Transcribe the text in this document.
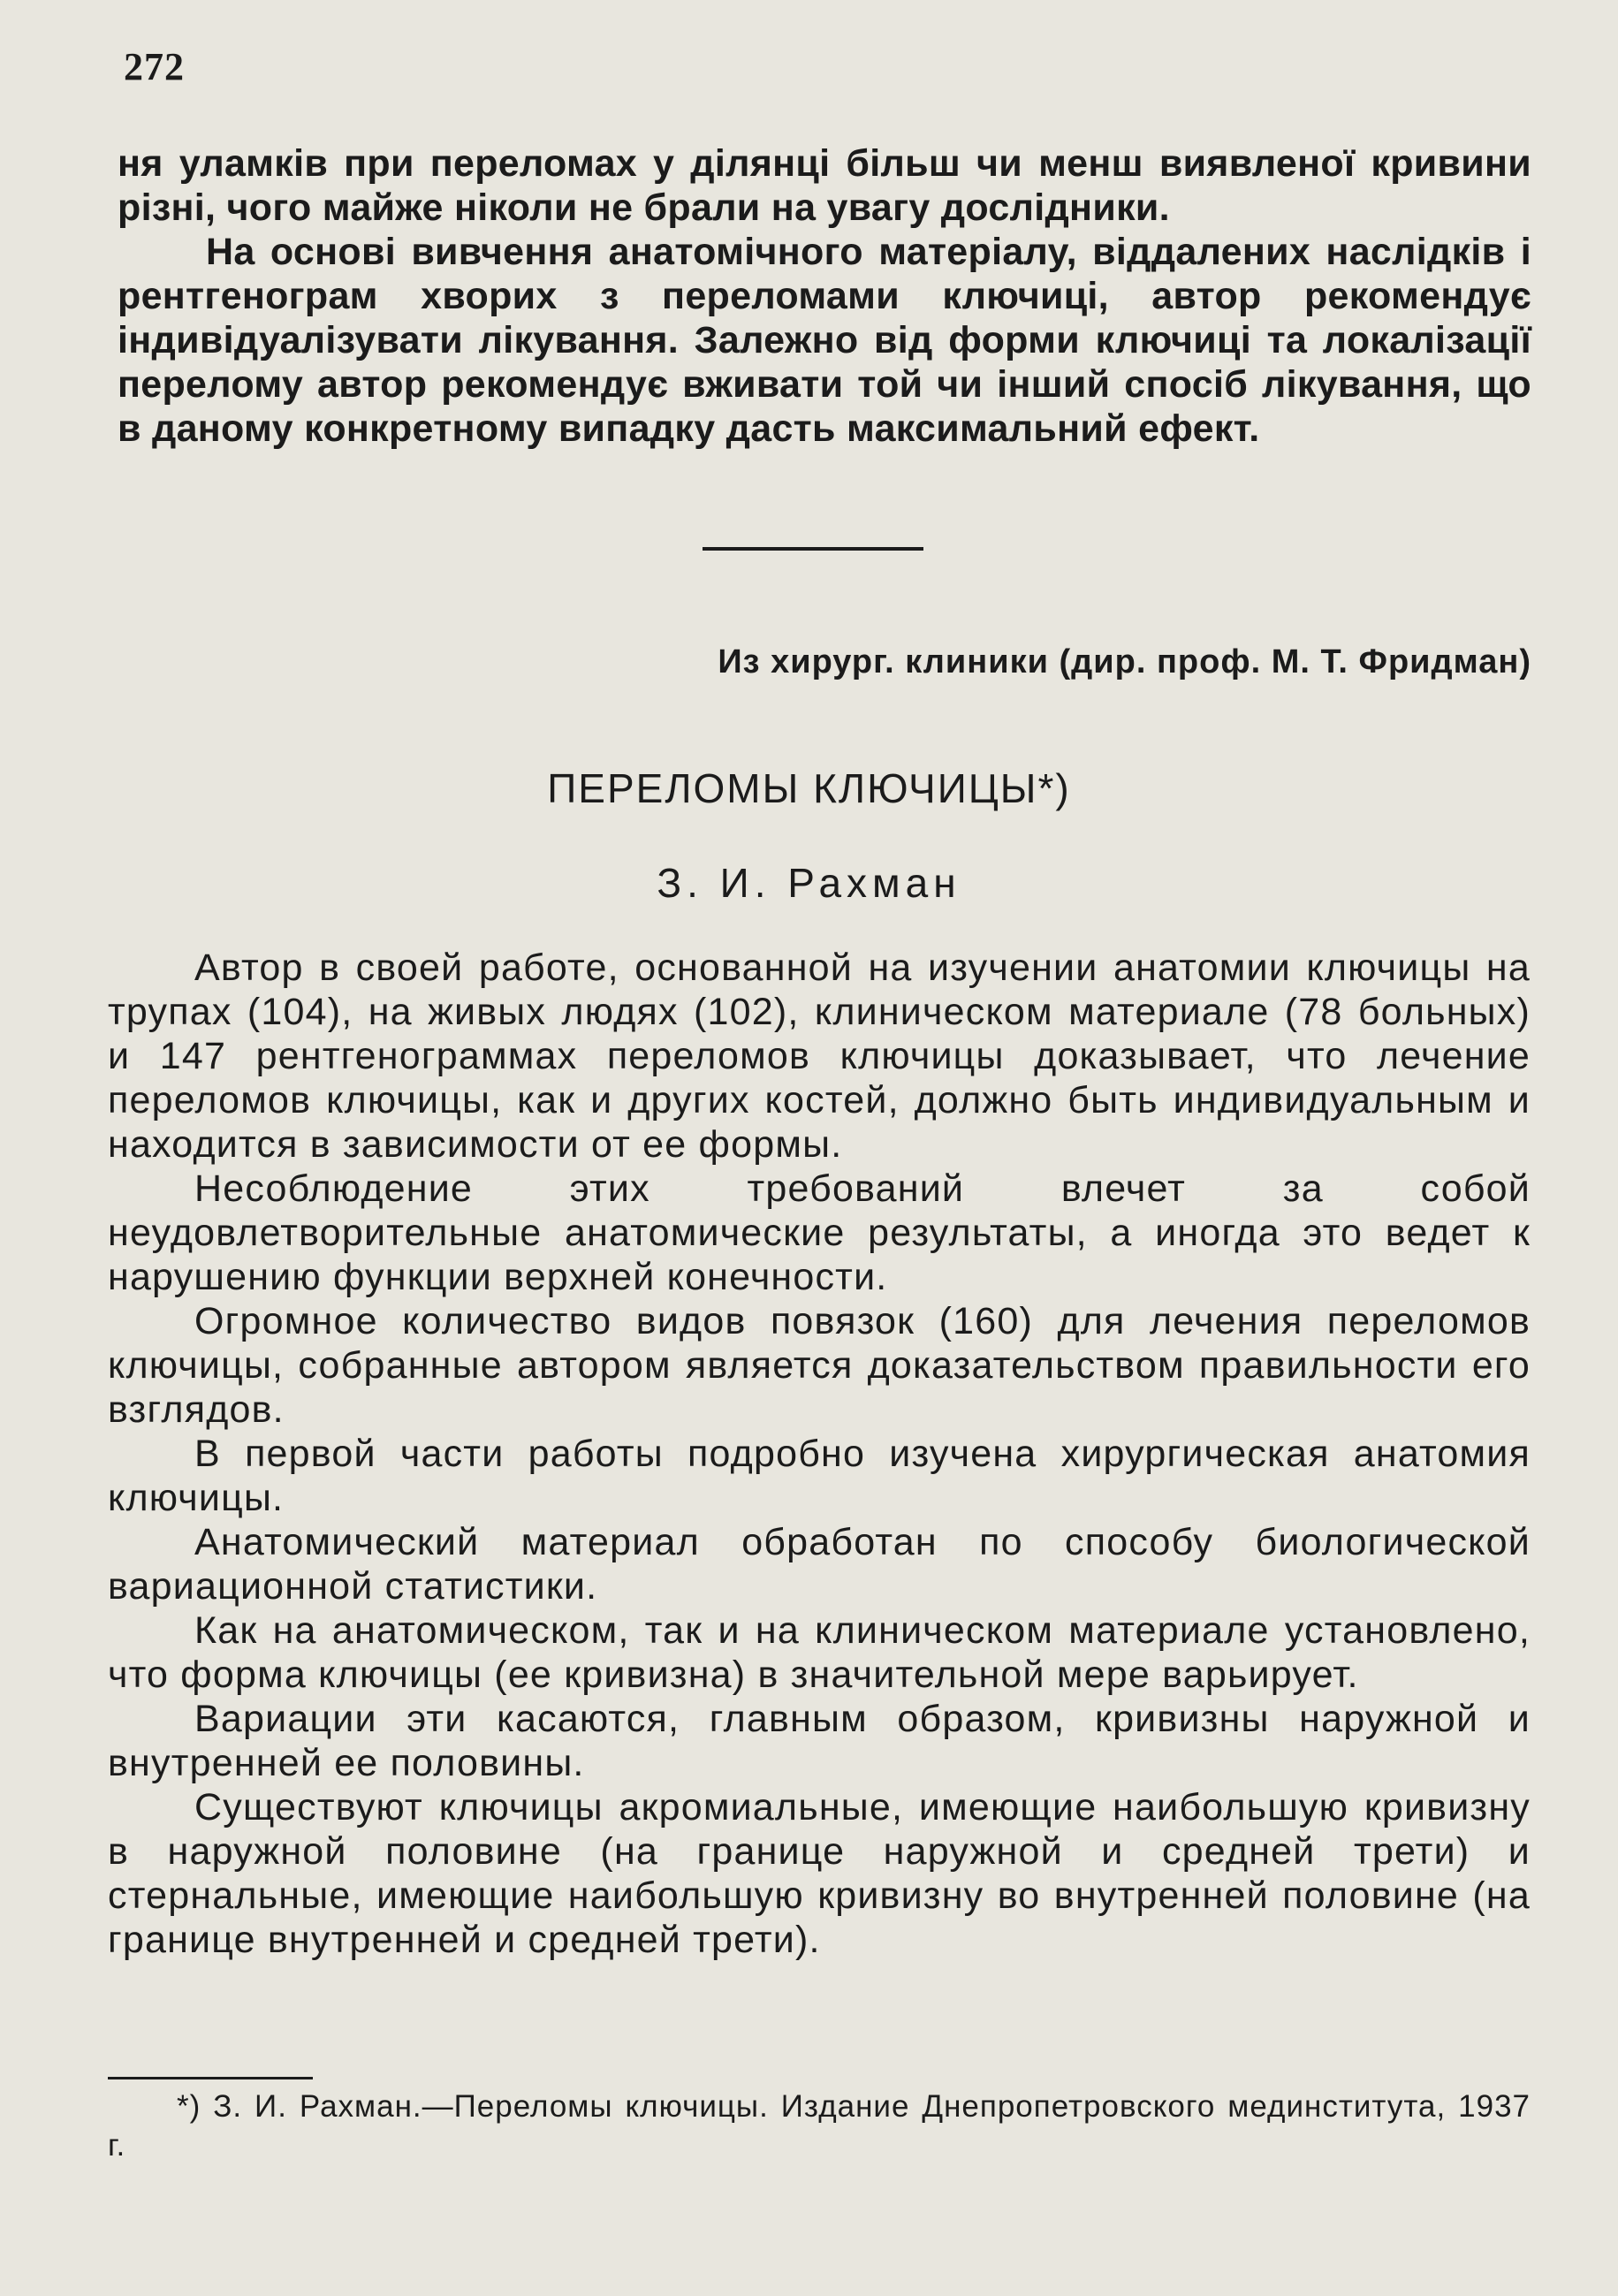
272

ня уламків при переломах у ділянці більш чи менш виявленої кривини різні, чого майже ніколи не брали на увагу дослідники.

На основі вивчення анатомічного матеріалу, віддалених наслідків і рентгенограм хворих з переломами ключиці, автор рекомендує індивідуалізувати лікування. Залежно від форми ключиці та локалізації перелому автор рекомендує вживати той чи інший спосіб лікування, що в даному конкретному випадку дасть максимальний ефект.

Из хирург. клиники (дир. проф. М. Т. Фридман)
ПЕРЕЛОМЫ КЛЮЧИЦЫ*)
З. И. Рахман

Автор в своей работе, основанной на изучении анатомии ключицы на трупах (104), на живых людях (102), клиническом материале (78 больных) и 147 рентгенограммах переломов ключицы доказывает, что лечение переломов ключицы, как и других костей, должно быть индивидуальным и находится в зависимости от ее формы.

Несоблюдение этих требований влечет за собой неудовлетворительные анатомические результаты, а иногда это ведет к нарушению функции верхней конечности.

Огромное количество видов повязок (160) для лечения переломов ключицы, собранные автором является доказательством правильности его взглядов.

В первой части работы подробно изучена хирургическая анатомия ключицы.

Анатомический материал обработан по способу биологической вариационной статистики.

Как на анатомическом, так и на клиническом материале установлено, что форма ключицы (ее кривизна) в значительной мере варьирует.

Вариации эти касаются, главным образом, кривизны наружной и внутренней ее половины.

Существуют ключицы акромиальные, имеющие наибольшую кривизну в наружной половине (на границе наружной и средней трети) и стернальные, имеющие наибольшую кривизну во внутренней половине (на границе внутренней и средней трети).

*) З. И. Рахман.—Переломы ключицы. Издание Днепропетровского мединститута, 1937 г.
